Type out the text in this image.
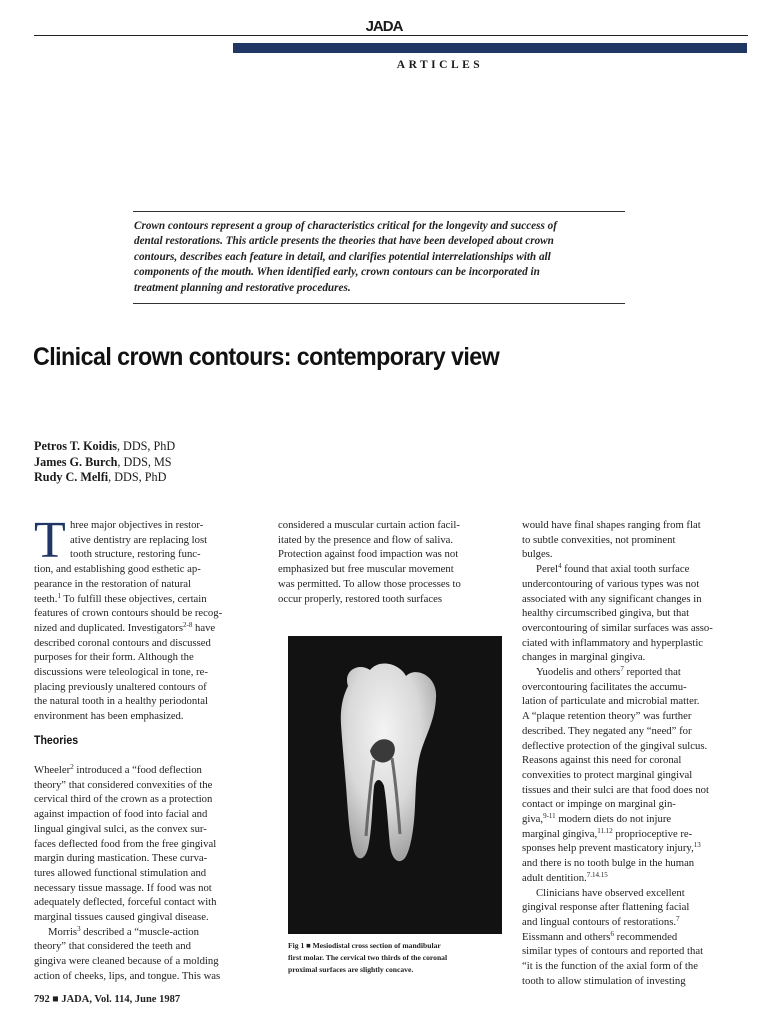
JADA
ARTICLES

Crown contours represent a group of characteristics critical for the longevity and success of
dental restorations. This article presents the theories that have been developed about crown
contours, describes each feature in detail, and clarifies potential interrelationships with all
components of the mouth. When identified early, crown contours can be incorporated in
treatment planning and restorative procedures.

Clinical crown contours: contemporary view
Petros T. Koidis, DDS, PhD
James G. Burch, DDS, MS
Rudy C. Melfi, DDS, PhD
T hree major objectives in restor-
ative dentistry are replacing lost
tooth structure, restoring func-
tion, and establishing good esthetic ap-
pearance in the restoration of natural
teeth.$^1$ To fulfill these objectives, certain
features of crown contours should be recog-
nized and duplicated. Investigators$^{2-8}$ have
described coronal contours and discussed
purposes for their form. Although the
discussions were teleological in tone, re-
placing previously unaltered contours of
the natural tooth in a healthy periodontal
environment has been emphasized.
Theories
Wheeler$^2$ introduced a “food deflection
theory” that considered convexities of the
cervical third of the crown as a protection
against impaction of food into facial and
lingual gingival sulci, as the convex sur-
faces deflected food from the free gingival
margin during mastication. These curva-
tures allowed functional stimulation and
necessary tissue massage. If food was not
adequately deflected, forceful contact with
marginal tissues caused gingival disease.
Morris$^3$ described a “muscle-action
theory” that considered the teeth and
gingiva were cleaned because of a molding
action of cheeks, lips, and tongue. This was
considered a muscular curtain action facil-
itated by the presence and flow of saliva.
Protection against food impaction was not
emphasized but free muscular movement
was permitted. To allow those processes to
occur properly, restored tooth surfaces
Fig 1 ■ Mesiodistal cross section of mandibular
first molar. The cervical two thirds of the coronal
proximal surfaces are slightly concave.
would have final shapes ranging from flat
to subtle convexities, not prominent
bulges.
Perel$^4$ found that axial tooth surface
undercontouring of various types was not
associated with any significant changes in
healthy circumscribed gingiva, but that
overcontouring of similar surfaces was asso-
ciated with inflammatory and hyperplastic
changes in marginal gingiva.
Yuodelis and others$^7$ reported that
overcontouring facilitates the accumu-
lation of particulate and microbial matter.
A “plaque retention theory” was further
described. They negated any “need” for
deflective protection of the gingival sulcus.
Reasons against this need for coronal
convexities to protect marginal gingival
tissues and their sulci are that food does not
contact or impinge on marginal gin-
giva,$^{9-11}$ modern diets do not injure
marginal gingiva,$^{11.12}$ proprioceptive re-
sponses help prevent masticatory injury,$^{13}$
and there is no tooth bulge in the human
adult dentition.$^{7.14.15}$
Clinicians have observed excellent
gingival response after flattening facial
and lingual contours of restorations.$^7$
Eissmann and others$^6$ recommended
similar types of contours and reported that
“it is the function of the axial form of the
tooth to allow stimulation of investing
792 ■ JADA, Vol. 114, June 1987
